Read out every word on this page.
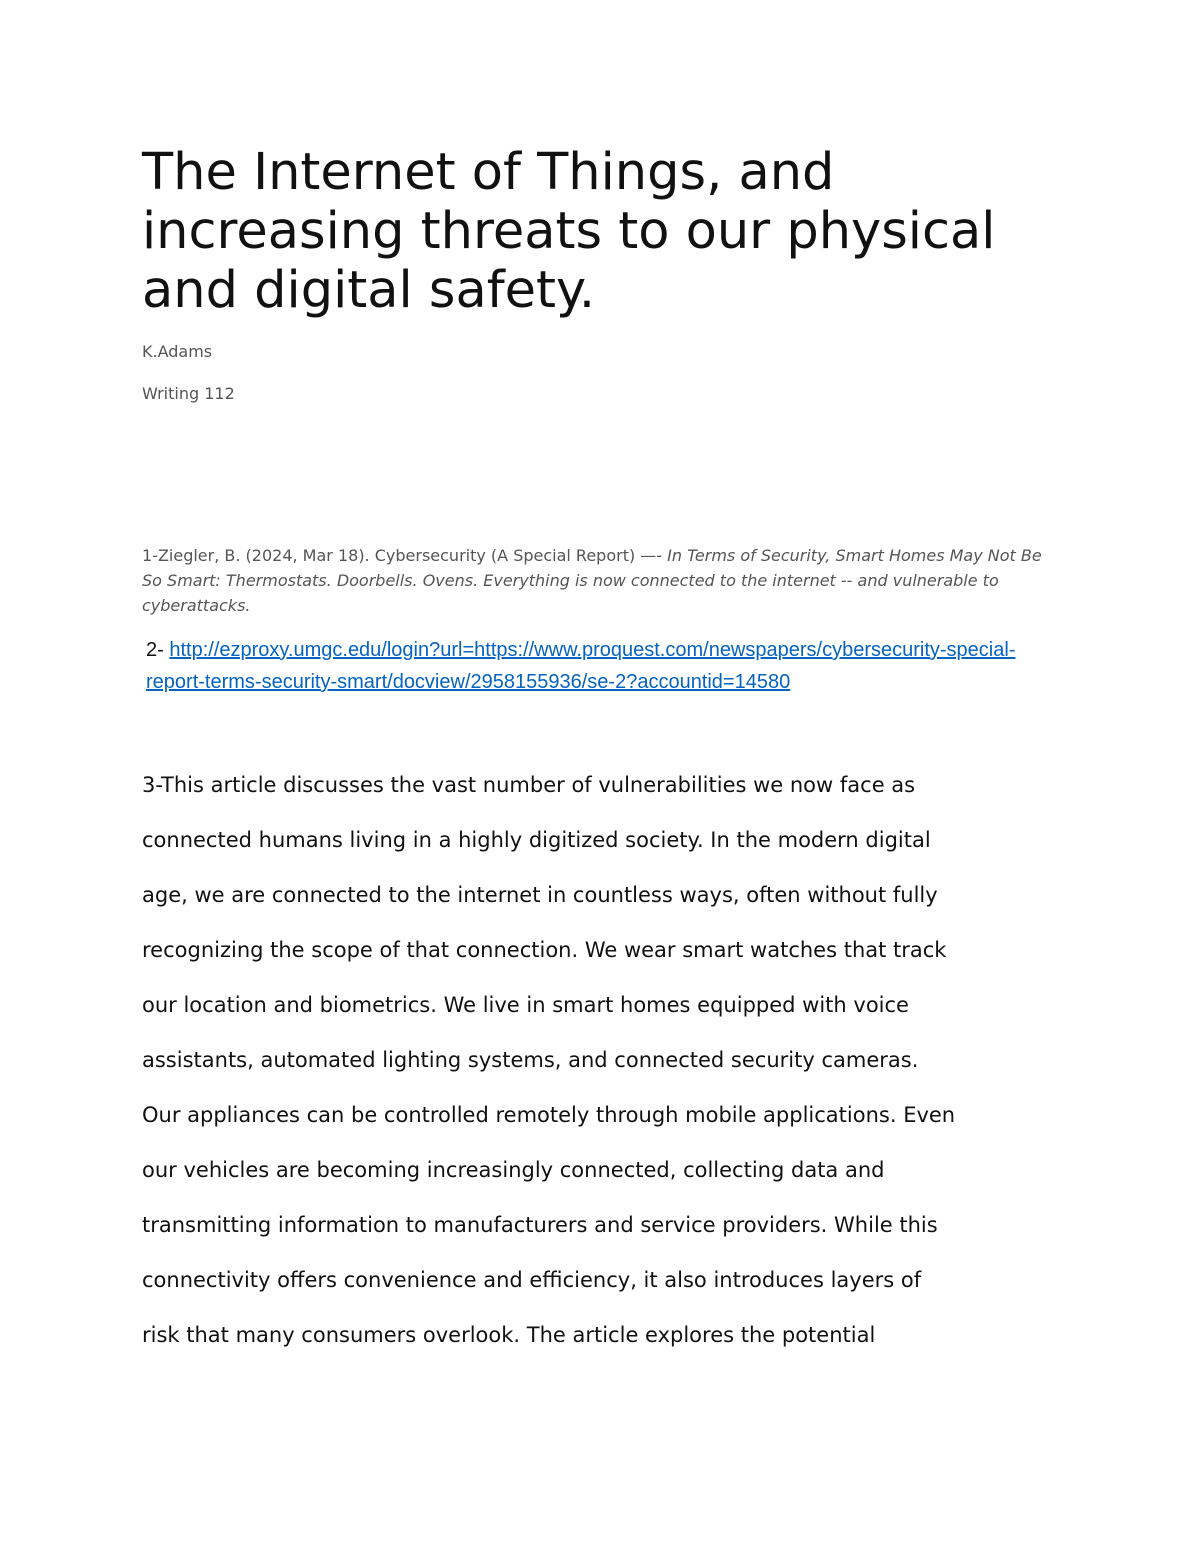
The Internet of Things, and
increasing threats to our physical
and digital safety.

K.Adams

Writing 112

1-Ziegler, B. (2024, Mar 18). Cybersecurity (A Special Report) —- In Terms of Security, Smart Homes May Not Be So Smart: Thermostats. Doorbells. Ovens. Everything is now connected to the internet -- and vulnerable to cyberattacks.

2- http://ezproxy.umgc.edu/login?url=https://www.proquest.com/newspapers/cybersecurity-special-report-terms-security-smart/docview/2958155936/se-2?accountid=14580

3-This article discusses the vast number of vulnerabilities we now face as
connected humans living in a highly digitized society. In the modern digital
age, we are connected to the internet in countless ways, often without fully
recognizing the scope of that connection. We wear smart watches that track
our location and biometrics. We live in smart homes equipped with voice
assistants, automated lighting systems, and connected security cameras.
Our appliances can be controlled remotely through mobile applications. Even
our vehicles are becoming increasingly connected, collecting data and
transmitting information to manufacturers and service providers. While this
connectivity offers convenience and efficiency, it also introduces layers of
risk that many consumers overlook. The article explores the potential
